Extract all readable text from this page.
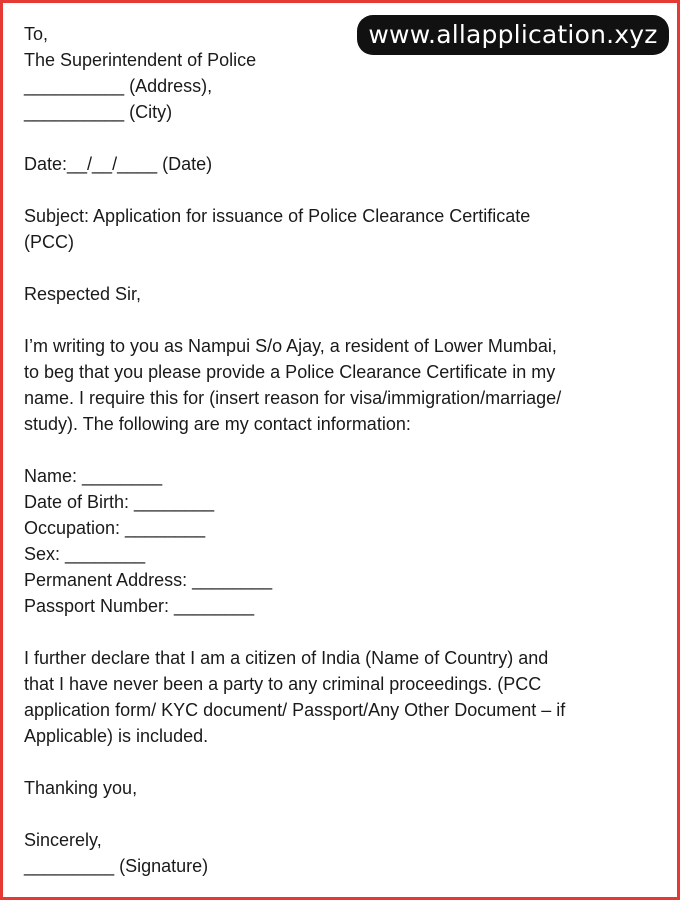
www.allapplication.xyz

To,

The Superintendent of Police

__________ (Address),

__________ (City)

Date:__/__/____ (Date)

Subject: Application for issuance of Police Clearance Certificate

(PCC)

Respected Sir,

I’m writing to you as Nampui S/o Ajay, a resident of Lower Mumbai,

to beg that you please provide a Police Clearance Certificate in my

name. I require this for (insert reason for visa/immigration/marriage/

study). The following are my contact information:

Name: ________

Date of Birth: ________

Occupation: ________

Sex: ________

Permanent Address: ________

Passport Number: ________

I further declare that I am a citizen of India (Name of Country) and

that I have never been a party to any criminal proceedings. (PCC

application form/ KYC document/ Passport/Any Other Document – if

Applicable) is included.

Thanking you,

Sincerely,

_________ (Signature)
